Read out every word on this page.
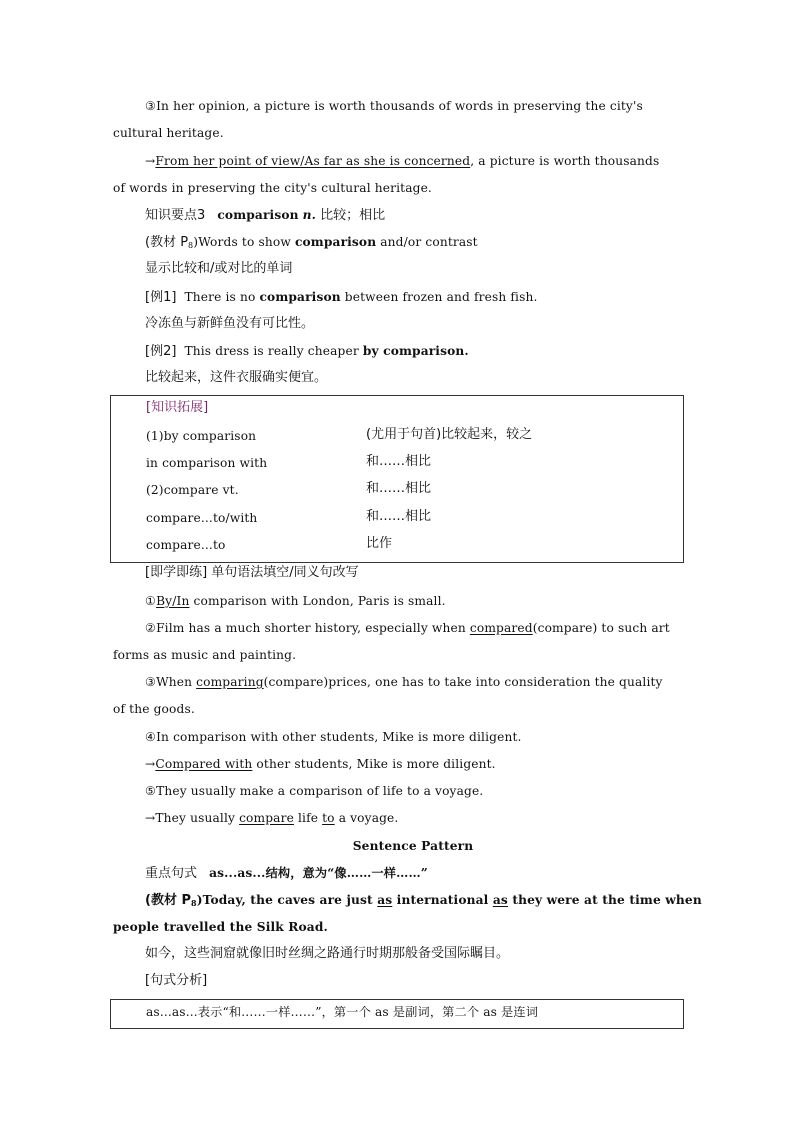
③In her opinion, a picture is worth thousands of words in preserving the city's
cultural heritage.
→From her point of view/As far as she is concerned, a picture is worth thousands
of words in preserving the city's cultural heritage.
知识要点3 comparison n. 比较；相比
(教材 $P_8)Words$ to show comparison and/or contrast
显示比较和/或对比的单词
[例1] There is no comparison between frozen and fresh fish.
冷冻鱼与新鲜鱼没有可比性。
[例2] This dress is really cheaper by comparison.
比较起来，这件衣服确实便宜。
[知识拓展]
(1)by comparison	(尤用于句首)比较起来，较之
in comparison with	和……相比
(2)compare vt.	和……相比
compare...to/with	和……相比
compare...to	比作
[即学即练] 单句语法填空/同义句改写
①By/In comparison with London, Paris is small.
②Film has a much shorter history, especially when compared(compare) to such art
forms as music and painting.
③When comparing(compare)prices, one has to take into consideration the quality
of the goods.
④In comparison with other students, Mike is more diligent.
→Compared with other students, Mike is more diligent.
⑤They usually make a comparison of life to a voyage.
→They usually compare life to a voyage.
Sentence Pattern
重点句式 as...as...结构，意为“像……一样……”
(教材 $P_8)Today$, the caves are just as international as they were at the time when
people travelled the Silk Road.
如今，这些洞窟就像旧时丝绸之路通行时期那般备受国际瞩目。
[句式分析]
as...as...表示“和……一样……”，第一个 as 是副词，第二个 as 是连词
